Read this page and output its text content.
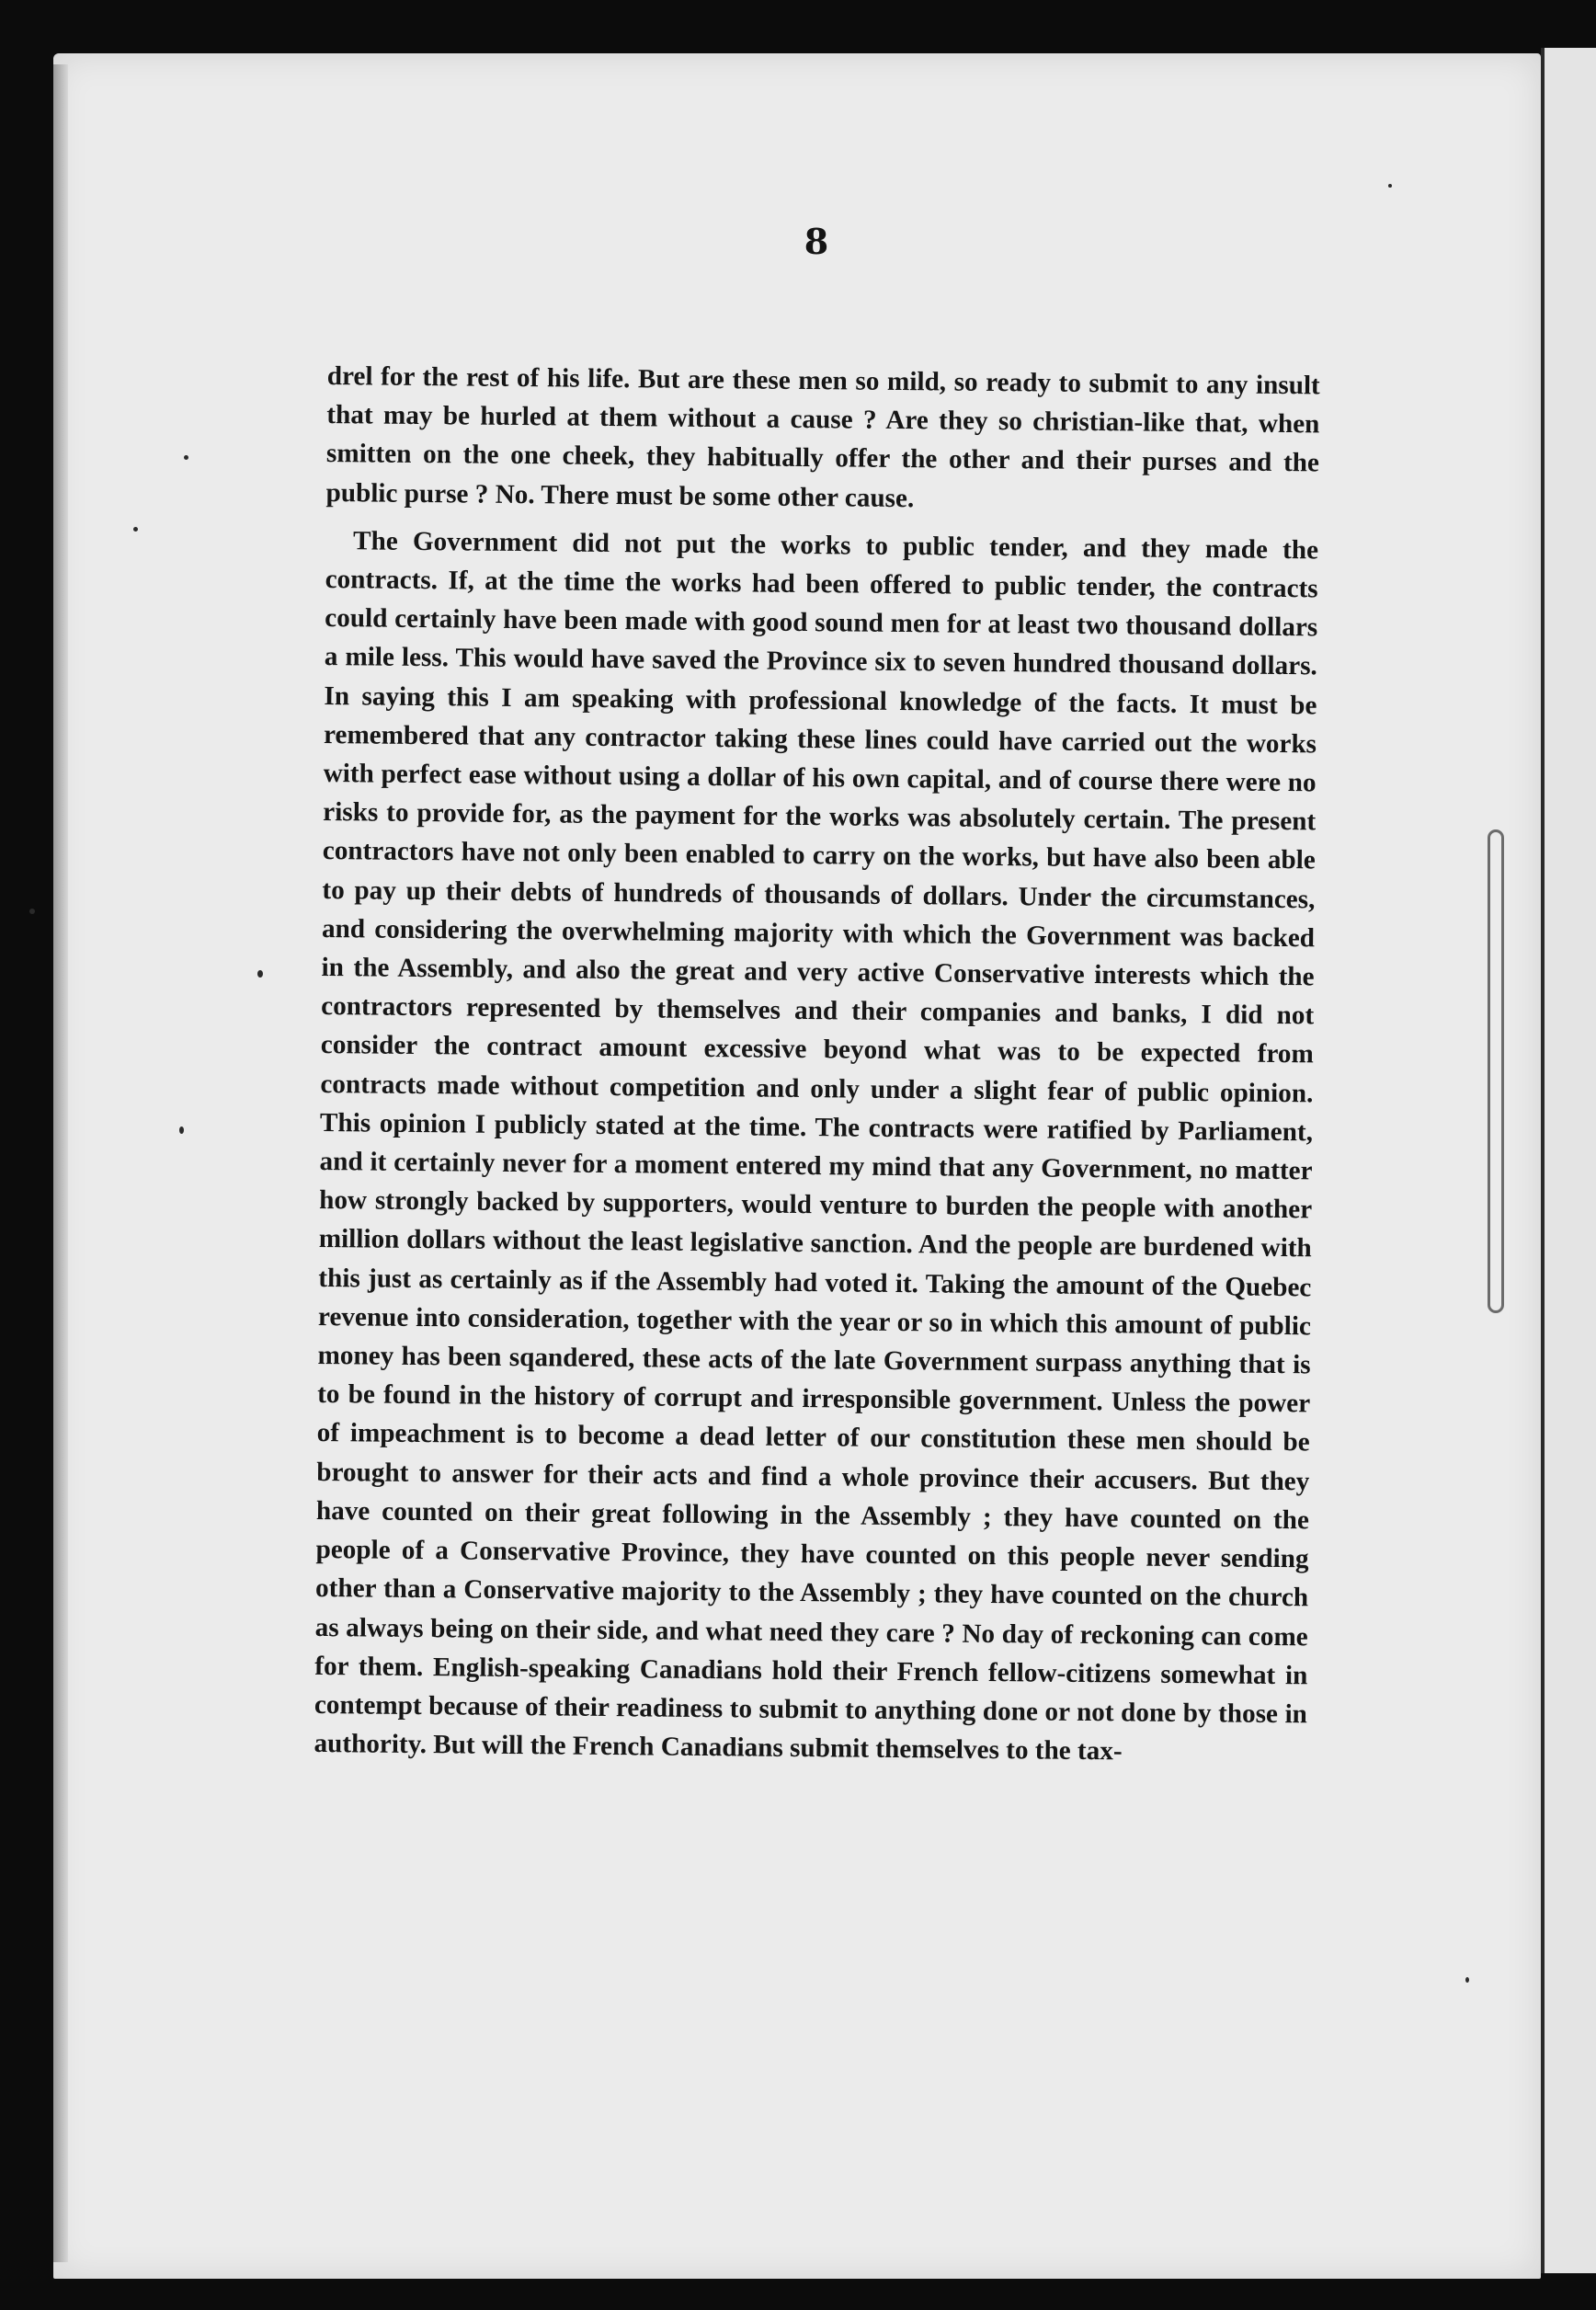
8

drel for the rest of his life. But are these men so mild, so ready to submit to any insult that may be hurled at them without a cause ? Are they so christian-like that, when smitten on the one cheek, they habitually offer the other and their purses and the public purse ? No. There must be some other cause.

The Government did not put the works to public tender, and they made the contracts. If, at the time the works had been offered to public tender, the contracts could certainly have been made with good sound men for at least two thousand dollars a mile less. This would have saved the Province six to seven hundred thousand dollars. In saying this I am speaking with professional knowledge of the facts. It must be remembered that any contractor taking these lines could have carried out the works with perfect ease without using a dollar of his own capital, and of course there were no risks to provide for, as the payment for the works was absolutely certain. The present contractors have not only been enabled to carry on the works, but have also been able to pay up their debts of hundreds of thousands of dollars. Under the circumstances, and considering the overwhelming majority with which the Government was backed in the Assembly, and also the great and very active Conservative interests which the contractors represented by themselves and their companies and banks, I did not consider the contract amount excessive beyond what was to be expected from contracts made without competition and only under a slight fear of public opinion. This opinion I publicly stated at the time. The contracts were ratified by Parliament, and it certainly never for a moment entered my mind that any Government, no matter how strongly backed by supporters, would venture to burden the people with another million dollars without the least legislative sanction. And the people are burdened with this just as certainly as if the Assembly had voted it. Taking the amount of the Quebec revenue into consideration, together with the year or so in which this amount of public money has been sqandered, these acts of the late Government surpass anything that is to be found in the history of corrupt and irresponsible government. Unless the power of impeachment is to become a dead letter of our constitution these men should be brought to answer for their acts and find a whole province their accusers. But they have counted on their great following in the Assembly ; they have counted on the people of a Conservative Province, they have counted on this people never sending other than a Conservative majority to the Assembly ; they have counted on the church as always being on their side, and what need they care ? No day of reckoning can come for them. English-speaking Canadians hold their French fellow-citizens somewhat in contempt because of their readiness to submit to anything done or not done by those in authority. But will the French Canadians submit themselves to the tax-
